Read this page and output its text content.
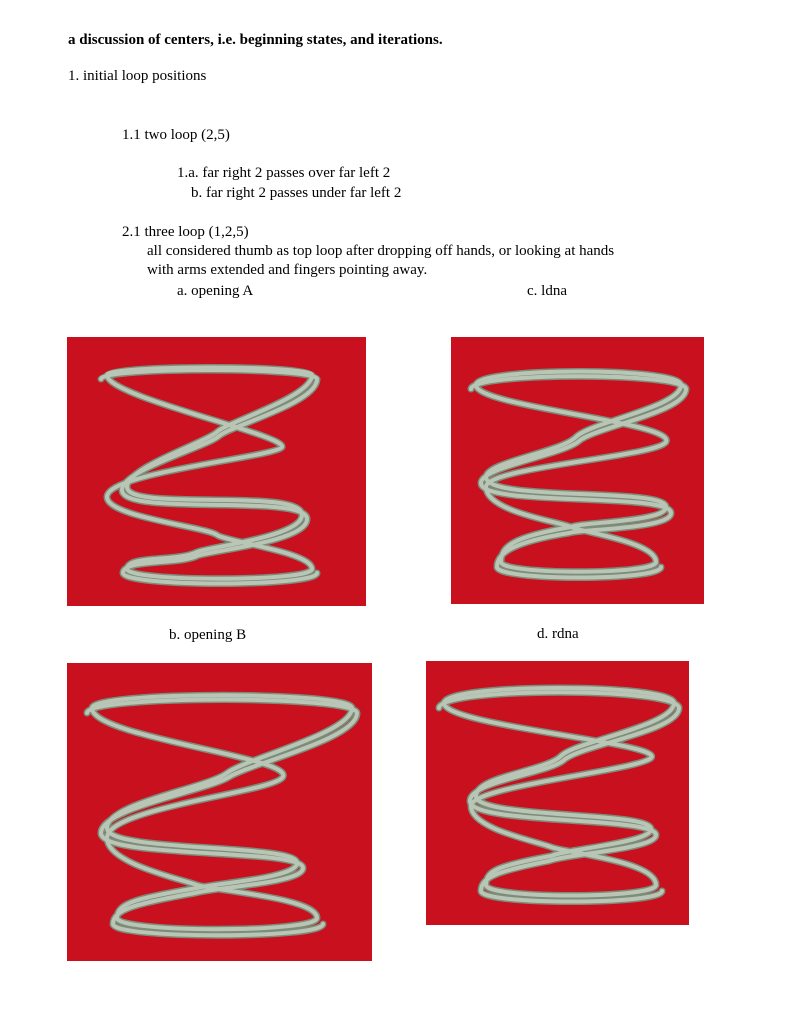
a discussion of centers, i.e. beginning states, and iterations.
1. initial loop positions
1.1 two loop (2,5)
1.a. far right 2 passes over far left 2
b. far right 2 passes under far left 2
2.1 three loop (1,2,5)
all considered thumb as top loop after dropping off hands, or looking at hands
with arms extended and fingers pointing away.
a. opening A	c. ldna
b. opening B	d. rdna
